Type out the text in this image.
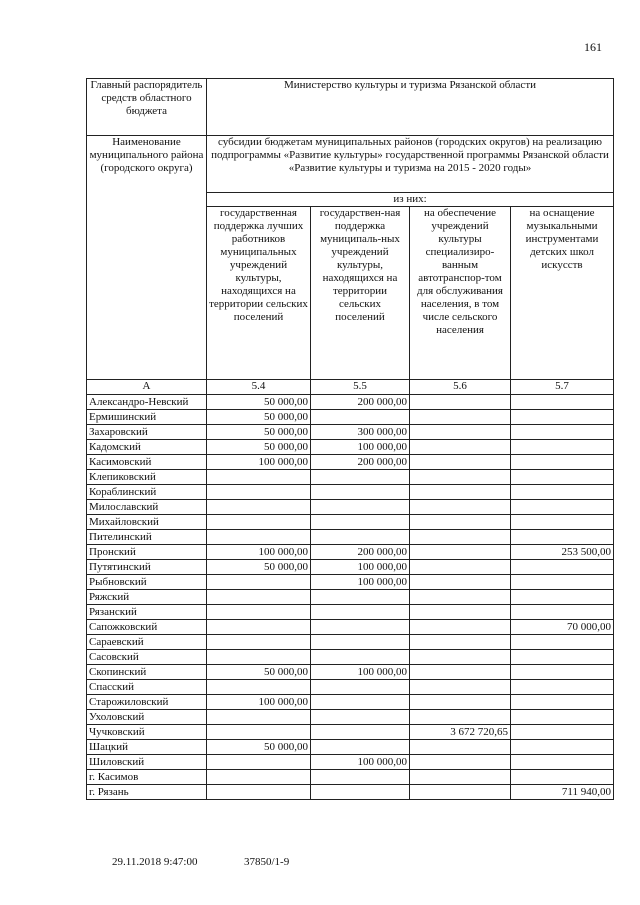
161
Главный распорядитель средств областного бюджета	Министерство культуры и туризма Рязанской области			
Наименование муниципального района (городского округа)	субсидии бюджетам муниципальных районов (городских округов) на реализацию подпрограммы «Развитие культуры» государственной программы Рязанской области «Развитие культуры и туризма на 2015 - 2020 годы»			
	из них:			
	государственная поддержка лучших работников муниципальных учреждений культуры, находящихся на территории сельских поселений	государствен-ная поддержка муниципаль-ных учреждений культуры, находящихся на территории сельских поселений	на обеспечение учреждений культуры специализиро-ванным автотранспор-том для обслуживания населения, в том числе сельского населения	на оснащение музыкальными инструментами детских школ искусств
А	5.4	5.5	5.6	5.7
Александро-Невский	50 000,00	200 000,00		
Ермишинский	50 000,00			
Захаровский	50 000,00	300 000,00		
Кадомский	50 000,00	100 000,00		
Касимовский	100 000,00	200 000,00		
Клепиковский				
Кораблинский				
Милославский				
Михайловский				
Пителинский				
Пронский	100 000,00	200 000,00		253 500,00
Путятинский	50 000,00	100 000,00		
Рыбновский		100 000,00		
Ряжский				
Рязанский				
Сапожковский				70 000,00
Сараевский				
Сасовский				
Скопинский	50 000,00	100 000,00		
Спасский				
Старожиловский	100 000,00			
Ухоловский				
Чучковский			3 672 720,65	
Шацкий	50 000,00			
Шиловский		100 000,00		
г. Касимов				
г. Рязань				711 940,00
29.11.2018 9:47:00	37850/1-9
